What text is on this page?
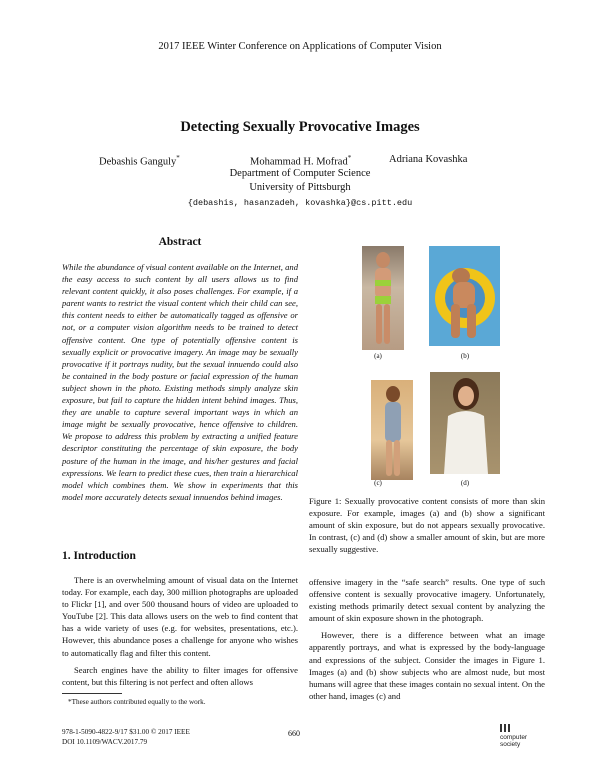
2017 IEEE Winter Conference on Applications of Computer Vision
Detecting Sexually Provocative Images
Debashis Ganguly*	Mohammad H. Mofrad*	Adriana Kovashka
Department of Computer Science
University of Pittsburgh
{debashis, hasanzadeh, kovashka}@cs.pitt.edu
Abstract
While the abundance of visual content available on the Internet, and the easy access to such content by all users allows us to find relevant content quickly, it also poses challenges. For example, if a parent wants to restrict the visual content which their child can see, this content needs to either be automatically tagged as offensive or not, or a computer vision algorithm needs to be trained to detect offensive content. One type of potentially offensive content is sexually explicit or provocative imagery. An image may be sexually provocative if it portrays nudity, but the sexual innuendo could also be contained in the body posture or facial expression of the human subject shown in the photo. Existing methods simply analyze skin exposure, but fail to capture the hidden intent behind images. Thus, they are unable to capture several important ways in which an image might be sexually provocative, hence offensive to children. We propose to address this problem by extracting a unified feature descriptor constituting the percentage of skin exposure, the body posture of the human in the image, and his/her gestures and facial expressions. We learn to predict these cues, then train a hierarchical model which combines them. We show in experiments that this model more accurately detects sexual innuendos behind images.
1. Introduction

There is an overwhelming amount of visual data on the Internet today. For example, each day, 300 million photographs are uploaded to Flickr [1], and over 500 thousand hours of video are uploaded to YouTube [2]. This data allows users on the web to find content that has a wide variety of uses (e.g. for websites, presentations, etc.). However, this abundance poses a challenge for anyone who wishes to automatically flag and filter this content.

Search engines have the ability to filter images for offensive content, but this filtering is not perfect and often allows

*These authors contributed equally to the work.
(a)	(b)
(c)	(d)
Figure 1: Sexually provocative content consists of more than skin exposure. For example, images (a) and (b) show a significant amount of skin exposure, but do not appears sexually provocative. In contrast, (c) and (d) show a smaller amount of skin, but are more sexually suggestive.

offensive imagery in the “safe search” results. One type of such offensive content is sexually provocative imagery. Unfortunately, existing methods primarily detect sexual content by analyzing the amount of skin exposure shown in the photograph.

However, there is a difference between what an image apparently portrays, and what is expressed by the body-language and expressions of the subject. Consider the images in Figure 1. Images (a) and (b) show subjects who are almost nude, but most humans will agree that these images contain no sexual intent. On the other hand, images (c) and

978-1-5090-4822-9/17 $31.00 © 2017 IEEE
DOI 10.1109/WACV.2017.79
660	computer
society
